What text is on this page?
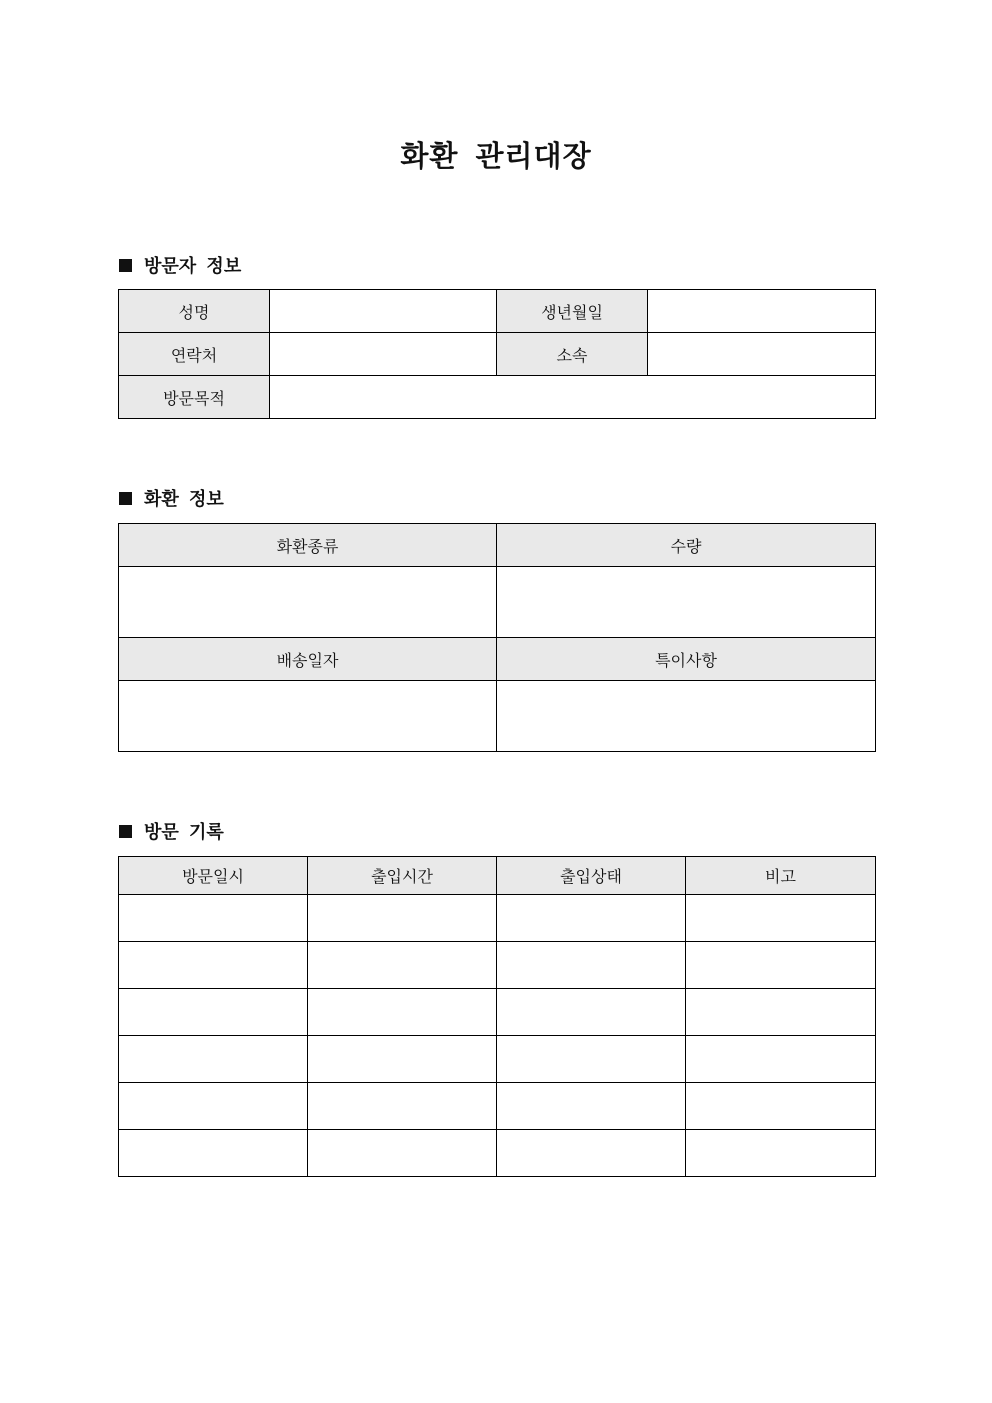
화환 관리대장
방문자 정보
성명		생년월일	
연락처		소속	
방문목적			
화환 정보
화환종류	수량

배송일자	특이사항

방문 기록
방문일시	출입시간	출입상태	비고
